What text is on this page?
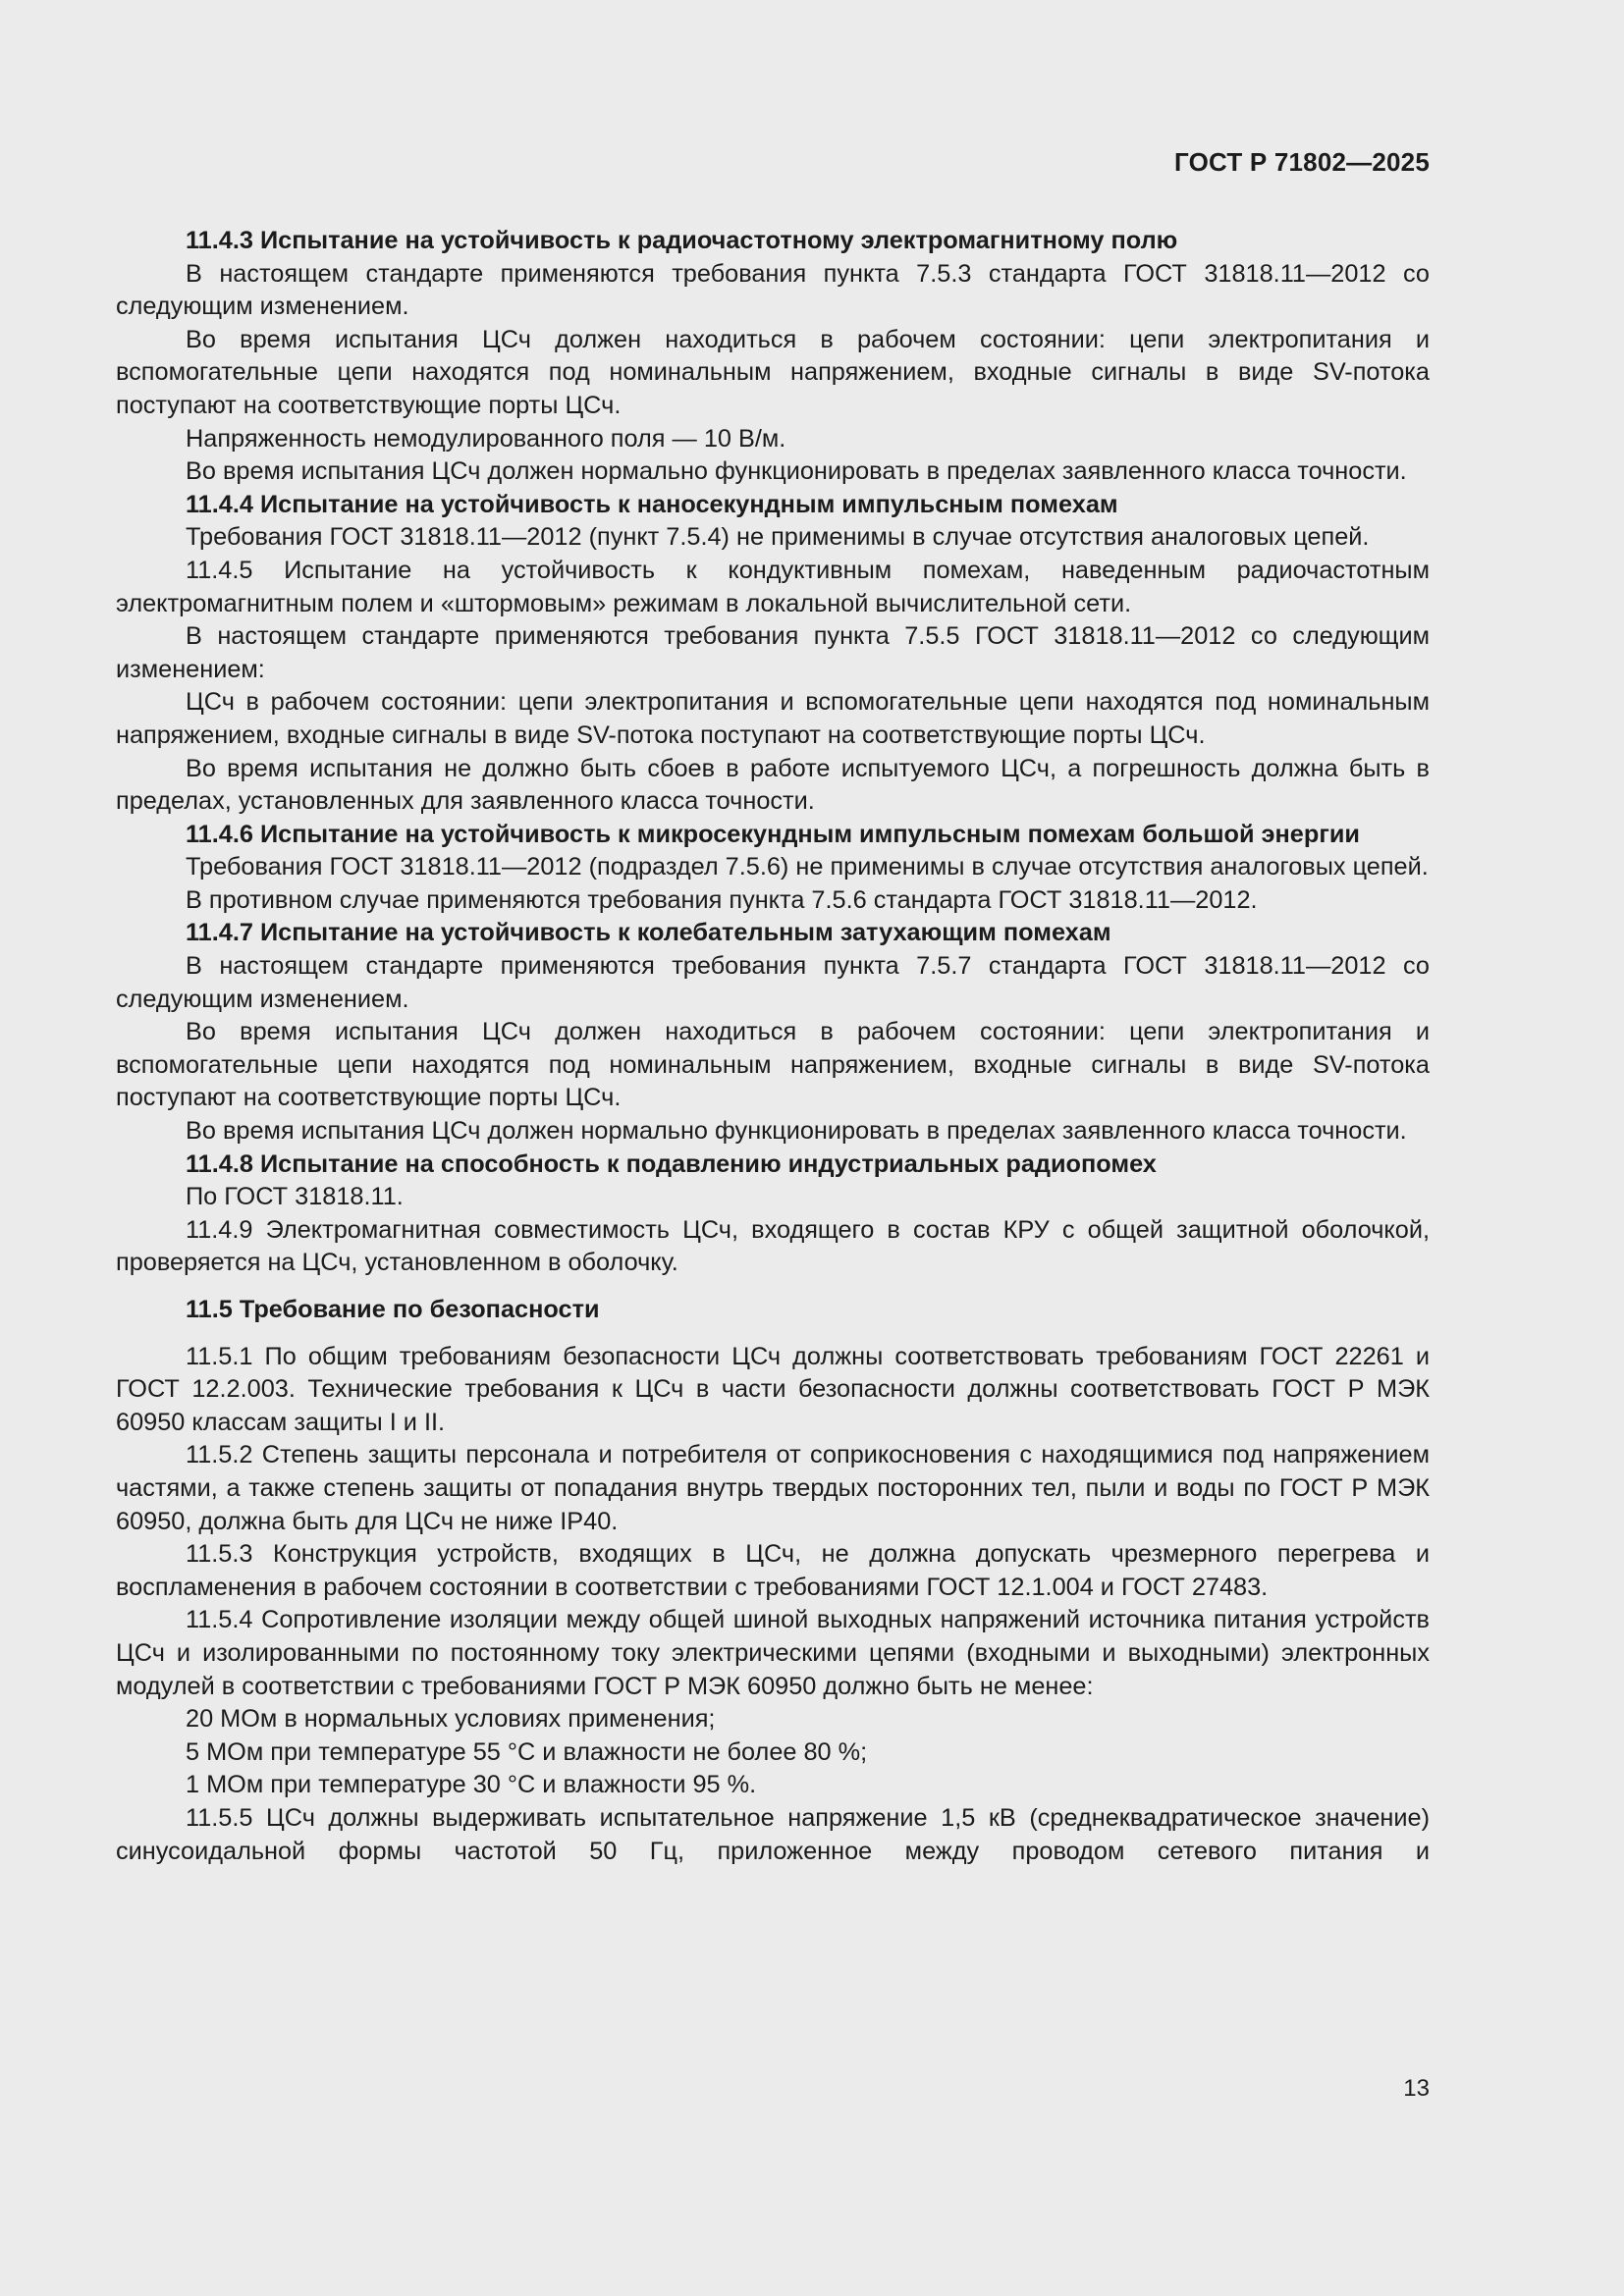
ГОСТ Р 71802—2025

11.4.3 Испытание на устойчивость к радиочастотному электромагнитному полю

В настоящем стандарте применяются требования пункта 7.5.3 стандарта ГОСТ 31818.11—2012 со следующим изменением.

Во время испытания ЦСч должен находиться в рабочем состоянии: цепи электропитания и вспомогательные цепи находятся под номинальным напряжением, входные сигналы в виде SV-потока поступают на соответствующие порты ЦСч.

Напряженность немодулированного поля — 10 В/м.

Во время испытания ЦСч должен нормально функционировать в пределах заявленного класса точности.

11.4.4 Испытание на устойчивость к наносекундным импульсным помехам

Требования ГОСТ 31818.11—2012 (пункт 7.5.4) не применимы в случае отсутствия аналоговых цепей.

11.4.5 Испытание на устойчивость к кондуктивным помехам, наведенным радиочастотным электромагнитным полем и «штормовым» режимам в локальной вычислительной сети.

В настоящем стандарте применяются требования пункта 7.5.5 ГОСТ 31818.11—2012 со следующим изменением:

ЦСч в рабочем состоянии: цепи электропитания и вспомогательные цепи находятся под номинальным напряжением, входные сигналы в виде SV-потока поступают на соответствующие порты ЦСч.

Во время испытания не должно быть сбоев в работе испытуемого ЦСч, а погрешность должна быть в пределах, установленных для заявленного класса точности.

11.4.6 Испытание на устойчивость к микросекундным импульсным помехам большой энергии

Требования ГОСТ 31818.11—2012 (подраздел 7.5.6) не применимы в случае отсутствия аналоговых цепей.

В противном случае применяются требования пункта 7.5.6 стандарта ГОСТ 31818.11—2012.

11.4.7 Испытание на устойчивость к колебательным затухающим помехам

В настоящем стандарте применяются требования пункта 7.5.7 стандарта ГОСТ 31818.11—2012 со следующим изменением.

Во время испытания ЦСч должен находиться в рабочем состоянии: цепи электропитания и вспомогательные цепи находятся под номинальным напряжением, входные сигналы в виде SV-потока поступают на соответствующие порты ЦСч.

Во время испытания ЦСч должен нормально функционировать в пределах заявленного класса точности.

11.4.8 Испытание на способность к подавлению индустриальных радиопомех

По ГОСТ 31818.11.

11.4.9 Электромагнитная совместимость ЦСч, входящего в состав КРУ с общей защитной оболочкой, проверяется на ЦСч, установленном в оболочку.

11.5 Требование по безопасности

11.5.1 По общим требованиям безопасности ЦСч должны соответствовать требованиям ГОСТ 22261 и ГОСТ 12.2.003. Технические требования к ЦСч в части безопасности должны соответствовать ГОСТ Р МЭК 60950 классам защиты I и II.

11.5.2 Степень защиты персонала и потребителя от соприкосновения с находящимися под напряжением частями, а также степень защиты от попадания внутрь твердых посторонних тел, пыли и воды по ГОСТ Р МЭК 60950, должна быть для ЦСч не ниже IP40.

11.5.3 Конструкция устройств, входящих в ЦСч, не должна допускать чрезмерного перегрева и воспламенения в рабочем состоянии в соответствии с требованиями ГОСТ 12.1.004 и ГОСТ 27483.

11.5.4 Сопротивление изоляции между общей шиной выходных напряжений источника питания устройств ЦСч и изолированными по постоянному току электрическими цепями (входными и выходными) электронных модулей в соответствии с требованиями ГОСТ Р МЭК 60950 должно быть не менее:

20 МОм в нормальных условиях применения;

5 МОм при температуре 55 °С и влажности не более 80 %;

1 МОм при температуре 30 °С и влажности 95 %.

11.5.5 ЦСч должны выдерживать испытательное напряжение 1,5 кВ (среднеквадратическое значение) синусоидальной формы частотой 50 Гц, приложенное между проводом сетевого питания и

13
